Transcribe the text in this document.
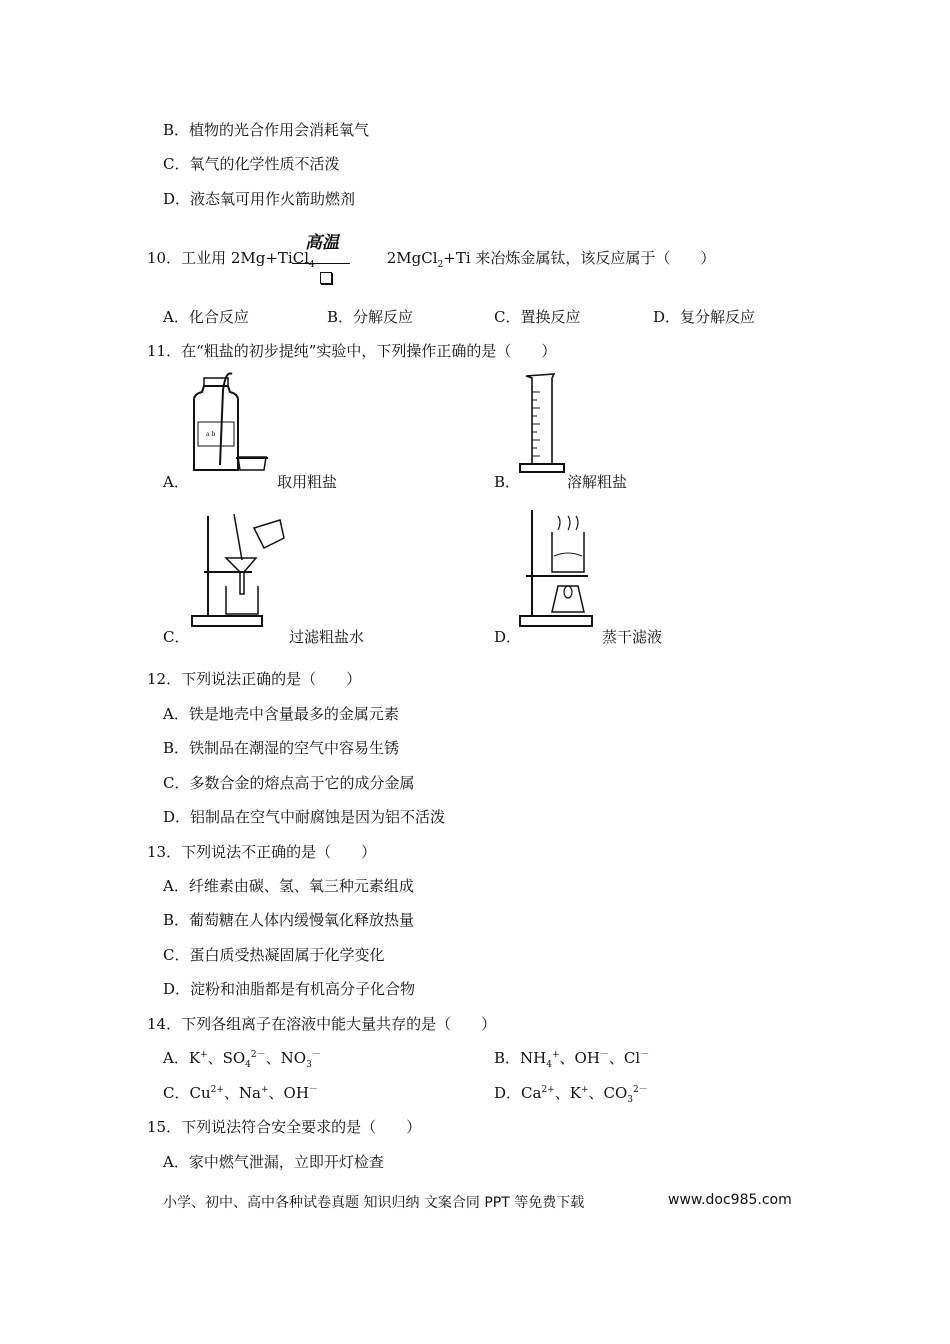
B．植物的光合作用会消耗氧气
C．氧气的化学性质不活泼
D．液态氧可用作火箭助燃剂
高温
10．工业用 2Mg+TiCl$_4$	2MgCl$_2$+Ti 来冶炼金属钛，该反应属于（　　）
A．化合反应	B．分解反应	C．置换反应	D．复分解反应
11．在“粗盐的初步提纯”实验中，下列操作正确的是（　　）
a b
A．	取用粗盐	B．	溶解粗盐
C．	过滤粗盐水	D．	蒸干滤液
12．下列说法正确的是（　　）
A．铁是地壳中含量最多的金属元素
B．铁制品在潮湿的空气中容易生锈
C．多数合金的熔点高于它的成分金属
D．铝制品在空气中耐腐蚀是因为铝不活泼
13．下列说法不正确的是（　　）
A．纤维素由碳、氢、氧三种元素组成
B．葡萄糖在人体内缓慢氧化释放热量
C．蛋白质受热凝固属于化学变化
D．淀粉和油脂都是有机高分子化合物
14．下列各组离子在溶液中能大量共存的是（　　）
A．K+、$SO_4^{2-}$、$NO_3^-$	B．$NH_4^+$、OH－、Cl－
C．$Cu^{2+}$、Na+、OH－	D．$Ca^{2+}$、K+、$CO_3^{2-}$
15．下列说法符合安全要求的是（　　）
A．家中燃气泄漏，立即开灯检查
小学、初中、高中各种试卷真题 知识归纳 文案合同 PPT 等免费下载	www.doc985.com
